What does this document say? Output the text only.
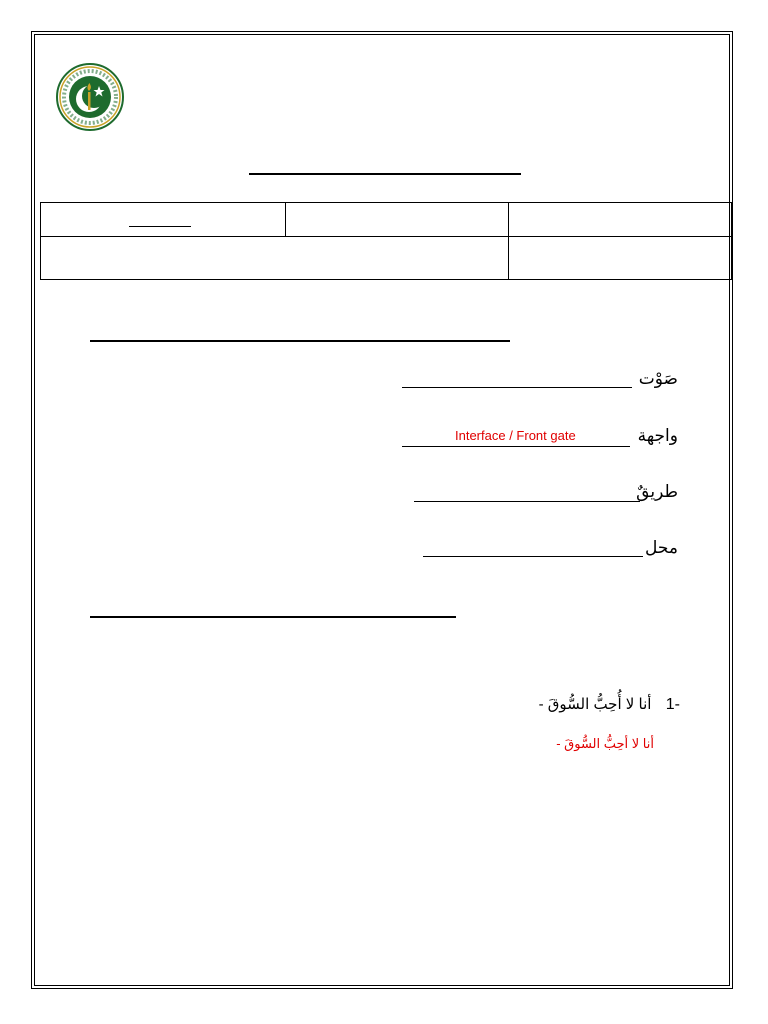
صَوْت
واجهة
Interface / Front gate
طريقٌ
محل
-1  أنا لا أُحِبُّ السُّوقَ -
أنا لا أحِبُّ السُّوقَ -
